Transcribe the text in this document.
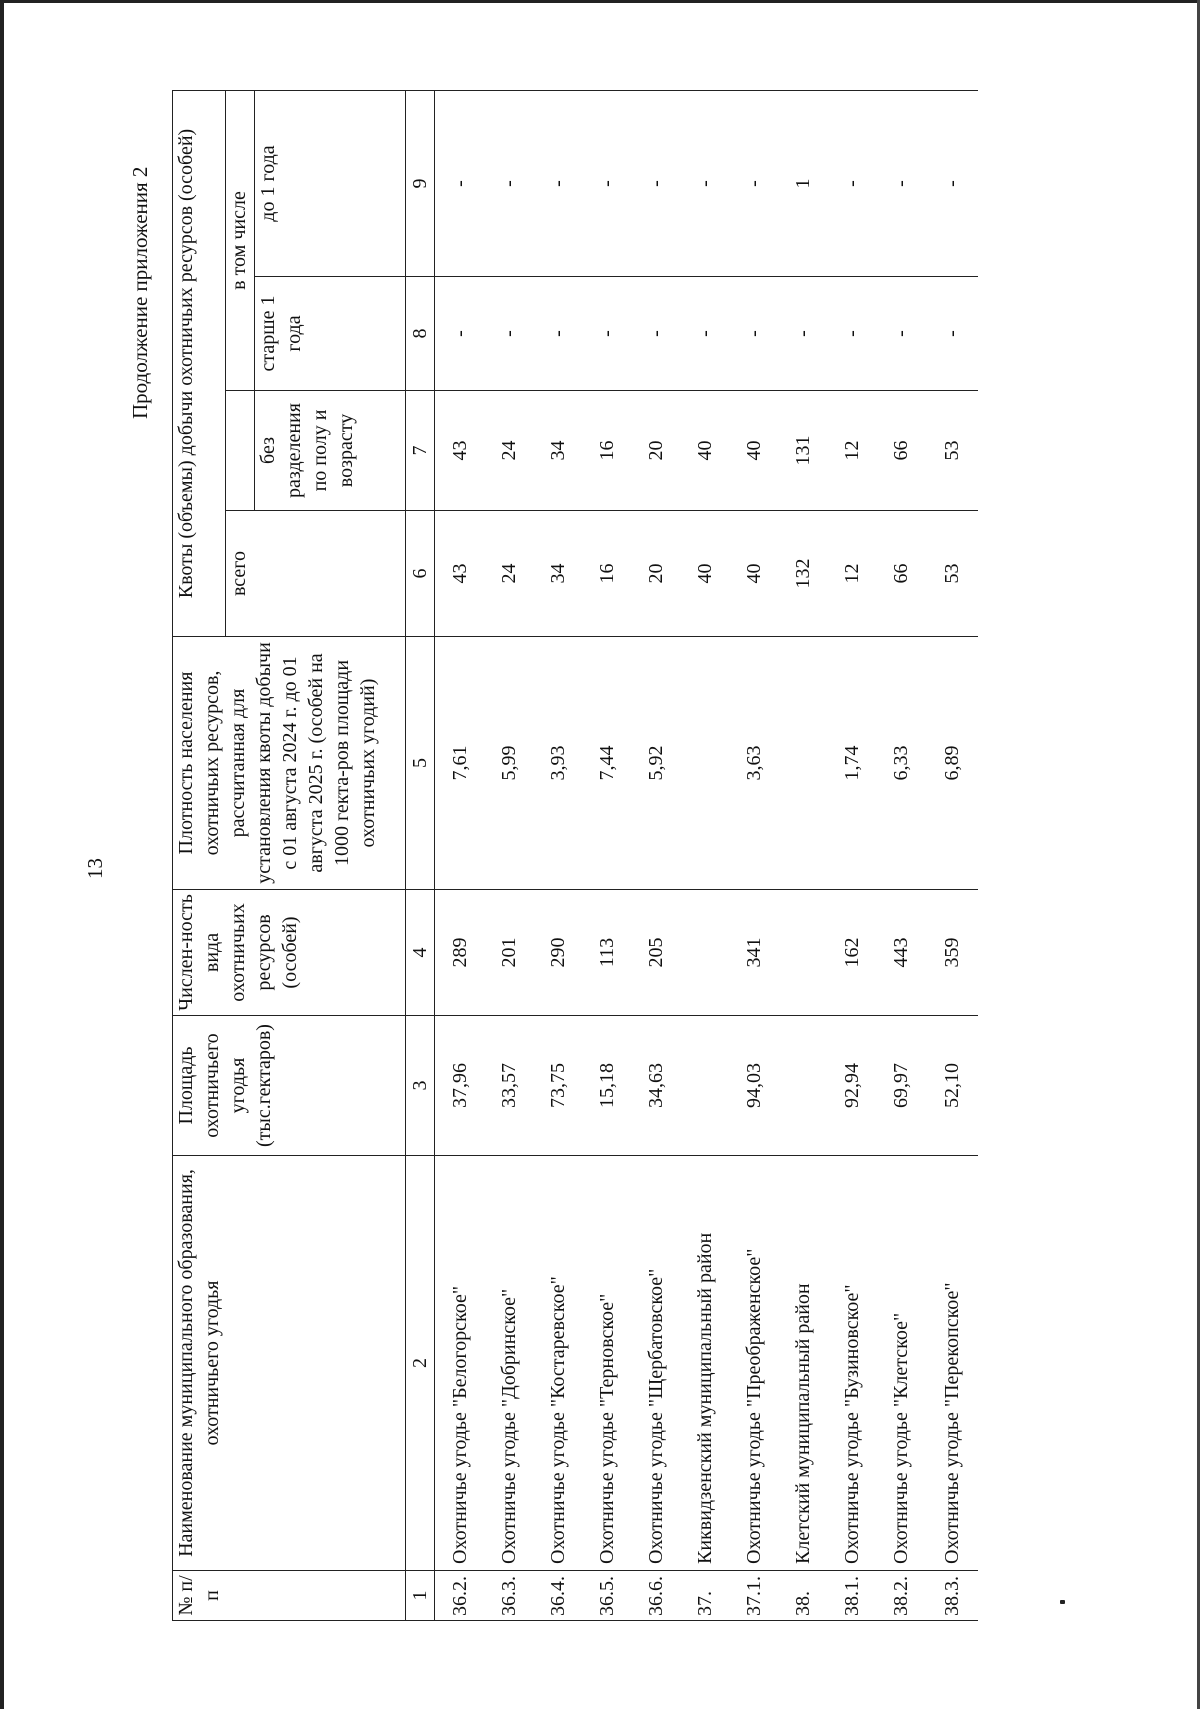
13
Продолжение приложения 2
№ п/п	Наименование муниципального образования, охотничьего угодья	Площадь охотничьего угодья (тыс.гектаров)	Числен-ность вида охотничьих ресурсов (особей)	Плотность населения охотничьих ресурсов, рассчитанная для установления квоты добычи с 01 августа 2024 г. до 01 августа 2025 г. (особей на 1000 гекта-ров площади охотничьих угодий)	Квоты (объемы) добычи охотничьих ресурсов (особей)			
					всего		в том числе	
						без разделения по полу и возрасту	старше 1 года	до 1 года
1	2	3	4	5	6	7	8	9
36.2.	Охотничье угодье "Белогорское"	37,96	289	7,61	43	43	-	-
36.3.	Охотничье угодье "Добринское"	33,57	201	5,99	24	24	-	-
36.4.	Охотничье угодье "Костаревское"	73,75	290	3,93	34	34	-	-
36.5.	Охотничье угодье "Терновское"	15,18	113	7,44	16	16	-	-
36.6.	Охотничье угодье "Щербатовское"	34,63	205	5,92	20	20	-	-
37.	Киквидзенский муниципальный район				40	40	-	-
37.1.	Охотничье угодье "Преображенское"	94,03	341	3,63	40	40	-	-
38.	Клетский муниципальный район				132	131	-	1
38.1.	Охотничье угодье "Бузиновское"	92,94	162	1,74	12	12	-	-
38.2.	Охотничье угодье "Клетское"	69,97	443	6,33	66	66	-	-
38.3.	Охотничье угодье "Перекопское"	52,10	359	6,89	53	53	-	-
